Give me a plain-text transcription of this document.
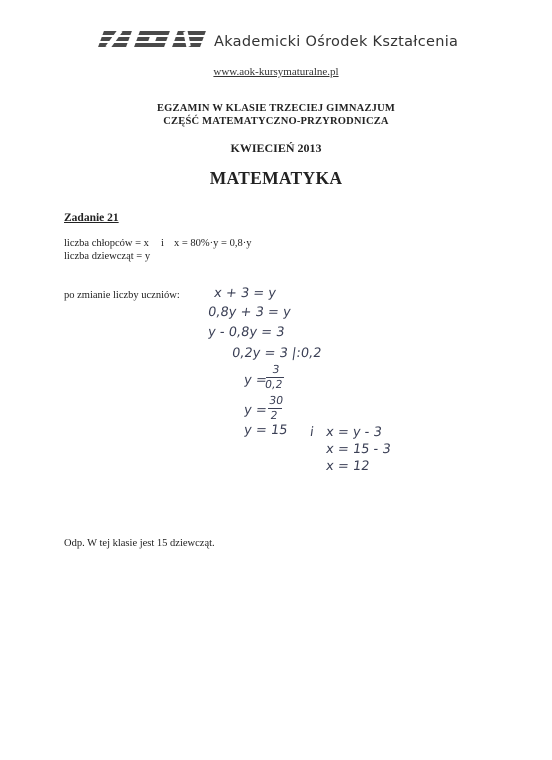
Akademicki Ośrodek Kształcenia
www.aok-kursymaturalne.pl
EGZAMIN W KLASIE TRZECIEJ GIMNAZJUM
CZĘŚĆ MATEMATYCZNO-PRZYRODNICZA
KWIECIEŃ 2013
MATEMATYKA
Zadanie 21
liczba chłopców = x i x = 80%·y = 0,8·y
liczba dziewcząt = y
po zmianie liczby uczniów:	x + 3 = y
0,8y + 3 = y
y - 0,8y = 3
0,2y = 3 |:0,2
y =
3
0,2
y =
30
2
y = 15 i x = y - 3
x = 15 - 3
x = 12
Odp. W tej klasie jest 15 dziewcząt.
